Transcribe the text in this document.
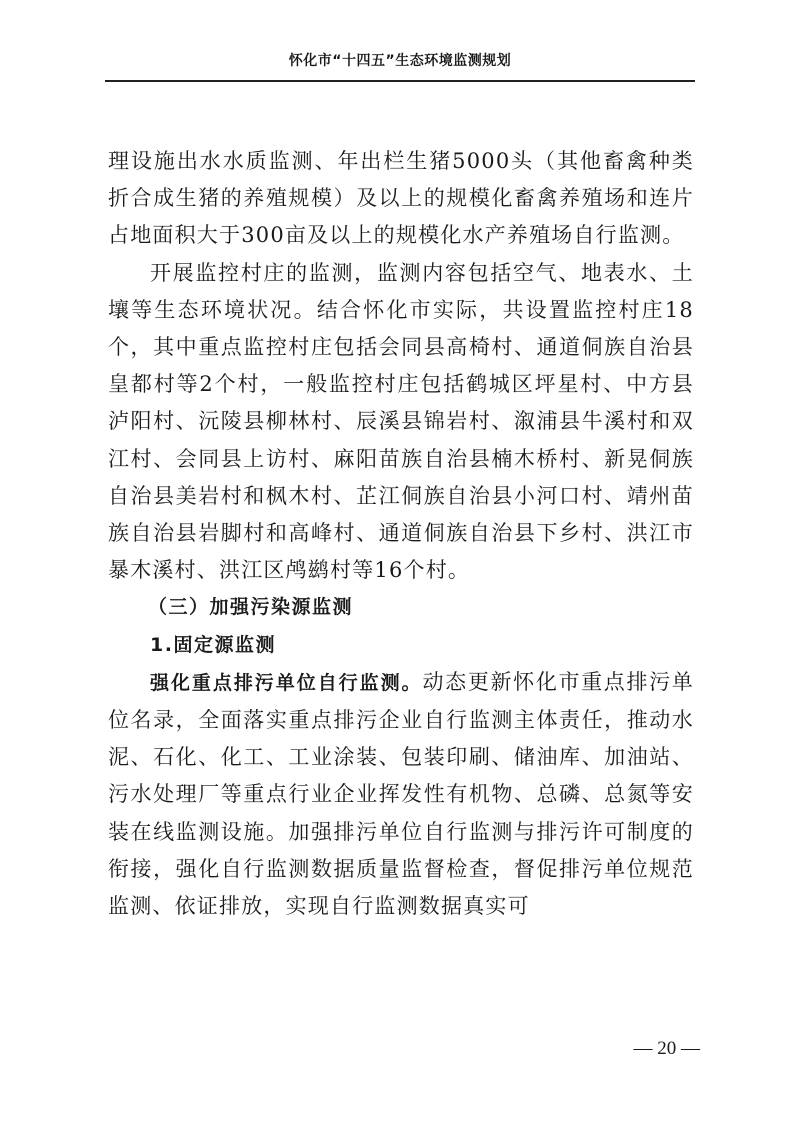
怀化市“十四五”生态环境监测规划

理设施出水水质监测、年出栏生猪5000头（其他畜禽种类折合成生猪的养殖规模）及以上的规模化畜禽养殖场和连片占地面积大于300亩及以上的规模化水产养殖场自行监测。

开展监控村庄的监测，监测内容包括空气、地表水、土壤等生态环境状况。结合怀化市实际，共设置监控村庄18个，其中重点监控村庄包括会同县高椅村、通道侗族自治县皇都村等2个村，一般监控村庄包括鹤城区坪星村、中方县泸阳村、沅陵县柳林村、辰溪县锦岩村、溆浦县牛溪村和双江村、会同县上访村、麻阳苗族自治县楠木桥村、新晃侗族自治县美岩村和枫木村、芷江侗族自治县小河口村、靖州苗族自治县岩脚村和高峰村、通道侗族自治县下乡村、洪江市暴木溪村、洪江区鸬鹚村等16个村。

（三）加强污染源监测

1.固定源监测

强化重点排污单位自行监测。动态更新怀化市重点排污单位名录，全面落实重点排污企业自行监测主体责任，推动水泥、石化、化工、工业涂装、包装印刷、储油库、加油站、污水处理厂等重点行业企业挥发性有机物、总磷、总氮等安装在线监测设施。加强排污单位自行监测与排污许可制度的衔接，强化自行监测数据质量监督检查，督促排污单位规范监测、依证排放，实现自行监测数据真实可

— 20 —
